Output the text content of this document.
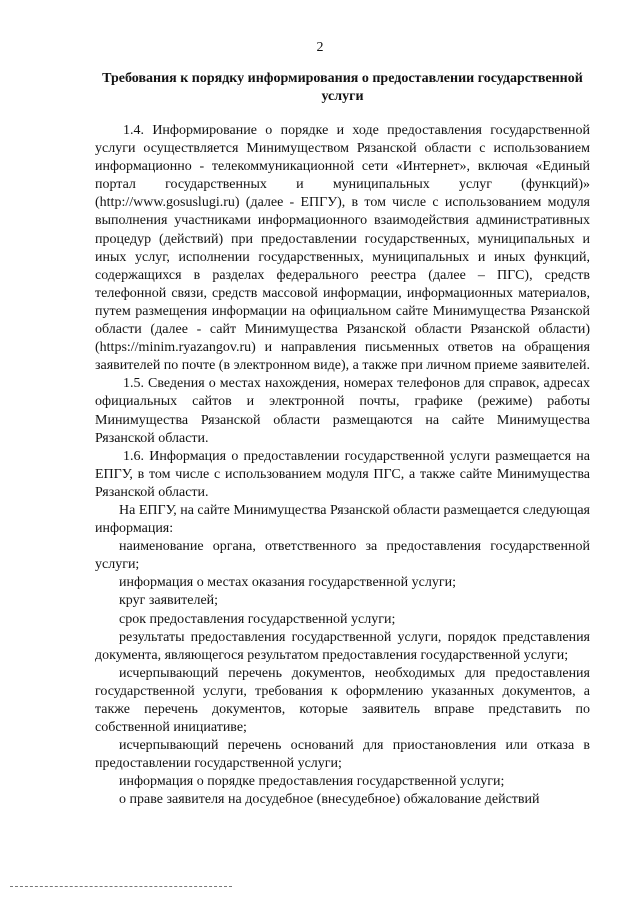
2
Требования к порядку информирования о предоставлении государственной услуги

1.4. Информирование о порядке и ходе предоставления государственной услуги осуществляется Минимуществом Рязанской области с использованием информационно - телекоммуникационной сети «Интернет», включая «Единый портал государственных и муниципальных услуг (функций)» (http://www.gosuslugi.ru) (далее - ЕПГУ), в том числе с использованием модуля выполнения участниками информационного взаимодействия административных процедур (действий) при предоставлении государственных, муниципальных и иных услуг, исполнении государственных, муниципальных и иных функций, содержащихся в разделах федерального реестра (далее – ПГС), средств телефонной связи, средств массовой информации, информационных материалов, путем размещения информации на официальном сайте Минимущества Рязанской области (далее - сайт Минимущества Рязанской области Рязанской области) (https://minim.ryazangov.ru) и направления письменных ответов на обращения заявителей по почте (в электронном виде), а также при личном приеме заявителей.

1.5. Сведения о местах нахождения, номерах телефонов для справок, адресах официальных сайтов и электронной почты, графике (режиме) работы Минимущества Рязанской области размещаются на сайте Минимущества Рязанской области.

1.6. Информация о предоставлении государственной услуги размещается на ЕПГУ, в том числе с использованием модуля ПГС, а также сайте Минимущества Рязанской области.

На ЕПГУ, на сайте Минимущества Рязанской области размещается следующая информация:

наименование органа, ответственного за предоставления государственной услуги;

информация о местах оказания государственной услуги;

круг заявителей;

срок предоставления государственной услуги;

результаты предоставления государственной услуги, порядок представления документа, являющегося результатом предоставления государственной услуги;

исчерпывающий перечень документов, необходимых для предоставления государственной услуги, требования к оформлению указанных документов, а также перечень документов, которые заявитель вправе представить по собственной инициативе;

исчерпывающий перечень оснований для приостановления или отказа в предоставлении государственной услуги;

информация о порядке предоставления государственной услуги;

о праве заявителя на досудебное (внесудебное) обжалование действий
